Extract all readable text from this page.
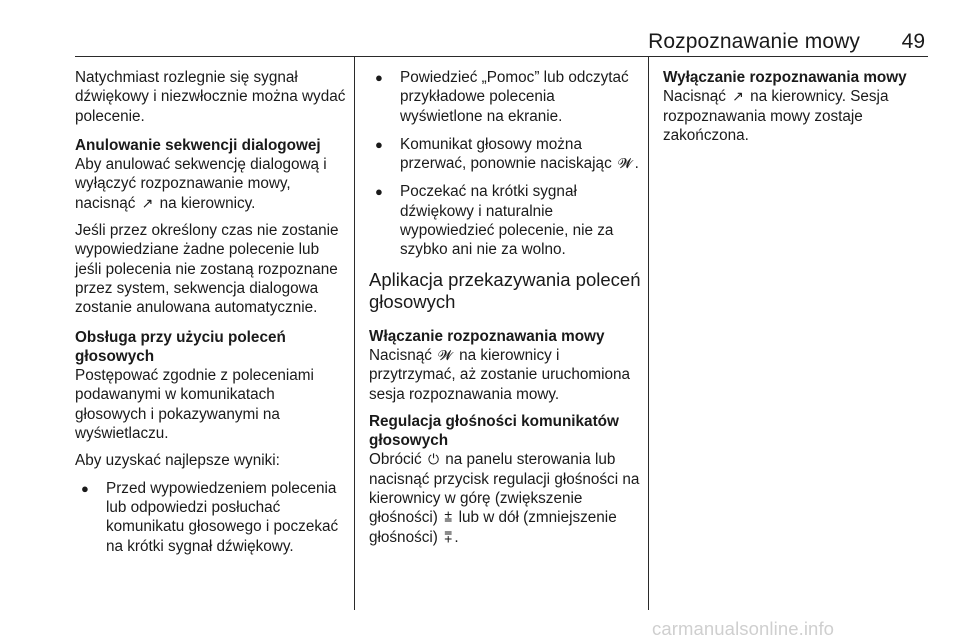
Rozpoznawanie mowy	49

Natychmiast rozlegnie się sygnał dźwiękowy i niezwłocznie można wydać polecenie.

Anulowanie sekwencji dialogowej

Aby anulować sekwencję dialogową i wyłączyć rozpoznawanie mowy, nacisnąć ↗ na kierownicy.

Jeśli przez określony czas nie zostanie wypowiedziane żadne polecenie lub jeśli polecenia nie zostaną rozpoznane przez system, sekwencja dialogowa zostanie anulowana automatycznie.

Obsługa przy użyciu poleceń głosowych

Postępować zgodnie z poleceniami podawanymi w komunikatach głosowych i pokazywanymi na wyświetlaczu.

Aby uzyskać najlepsze wyniki:

● Przed wypowiedzeniem polecenia lub odpowiedzi posłuchać komunikatu głosowego i poczekać na krótki sygnał dźwiękowy.
● Powiedzieć „Pomoc” lub odczytać przykładowe polecenia wyświetlone na ekranie.
● Komunikat głosowy można przerwać, ponownie naciskając 𝓦 .
● Poczekać na krótki sygnał dźwiękowy i naturalnie wypowiedzieć polecenie, nie za szybko ani nie za wolno.
Aplikacja przekazywania poleceń głosowych
Włączanie rozpoznawania mowy

Nacisnąć 𝓦 na kierownicy i przytrzymać, aż zostanie uruchomiona sesja rozpoznawania mowy.

Regulacja głośności komunikatów głosowych

Obrócić ⏻ na panelu sterowania lub nacisnąć przycisk regulacji głośności na kierownicy w górę (zwiększenie głośności) ⩲ lub w dół (zmniejszenie głośności) ⩱ .

Wyłączanie rozpoznawania mowy

Nacisnąć ↗ na kierownicy. Sesja rozpoznawania mowy zostaje zakończona.

carmanualsonline.info
